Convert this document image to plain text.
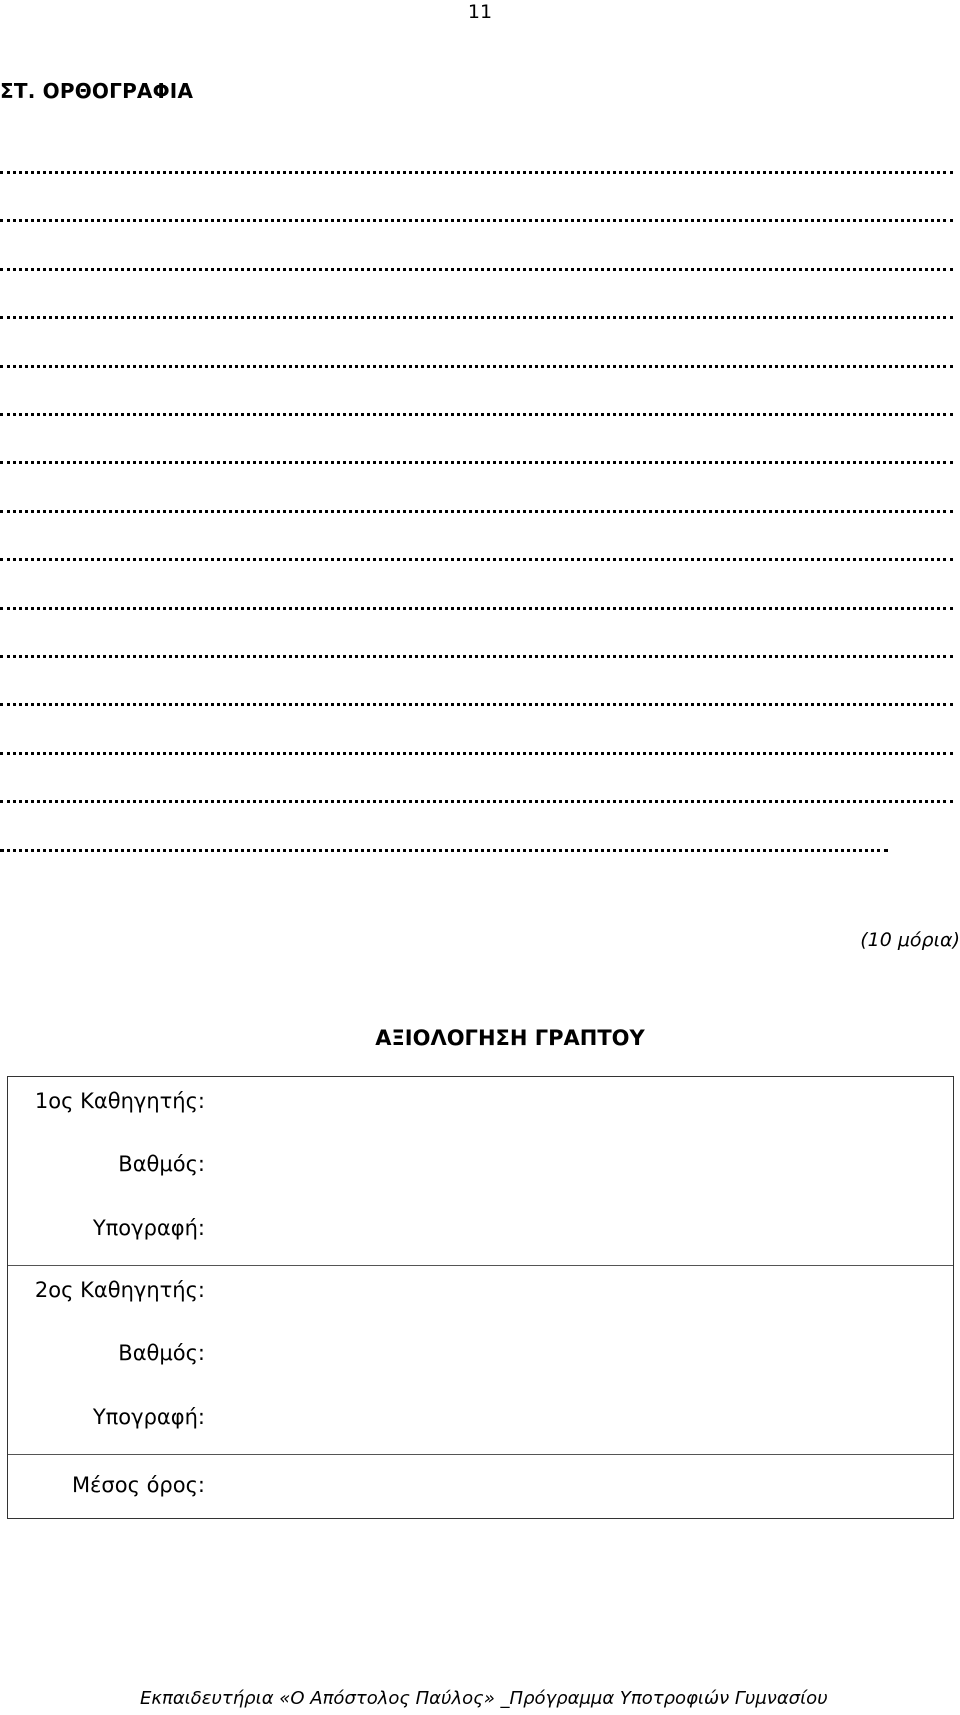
11
ΣΤ. ΟΡΘΟΓΡΑΦΙΑ
(10 μόρια)
ΑΞΙΟΛΟΓΗΣΗ ΓΡΑΠΤΟΥ
1ος Καθηγητής:
Βαθμός:
Υπογραφή:
2ος Καθηγητής:
Βαθμός:
Υπογραφή:
Μέσος όρος:
Εκπαιδευτήρια «Ο Απόστολος Παύλος» _Πρόγραμμα Υποτροφιών Γυμνασίου
